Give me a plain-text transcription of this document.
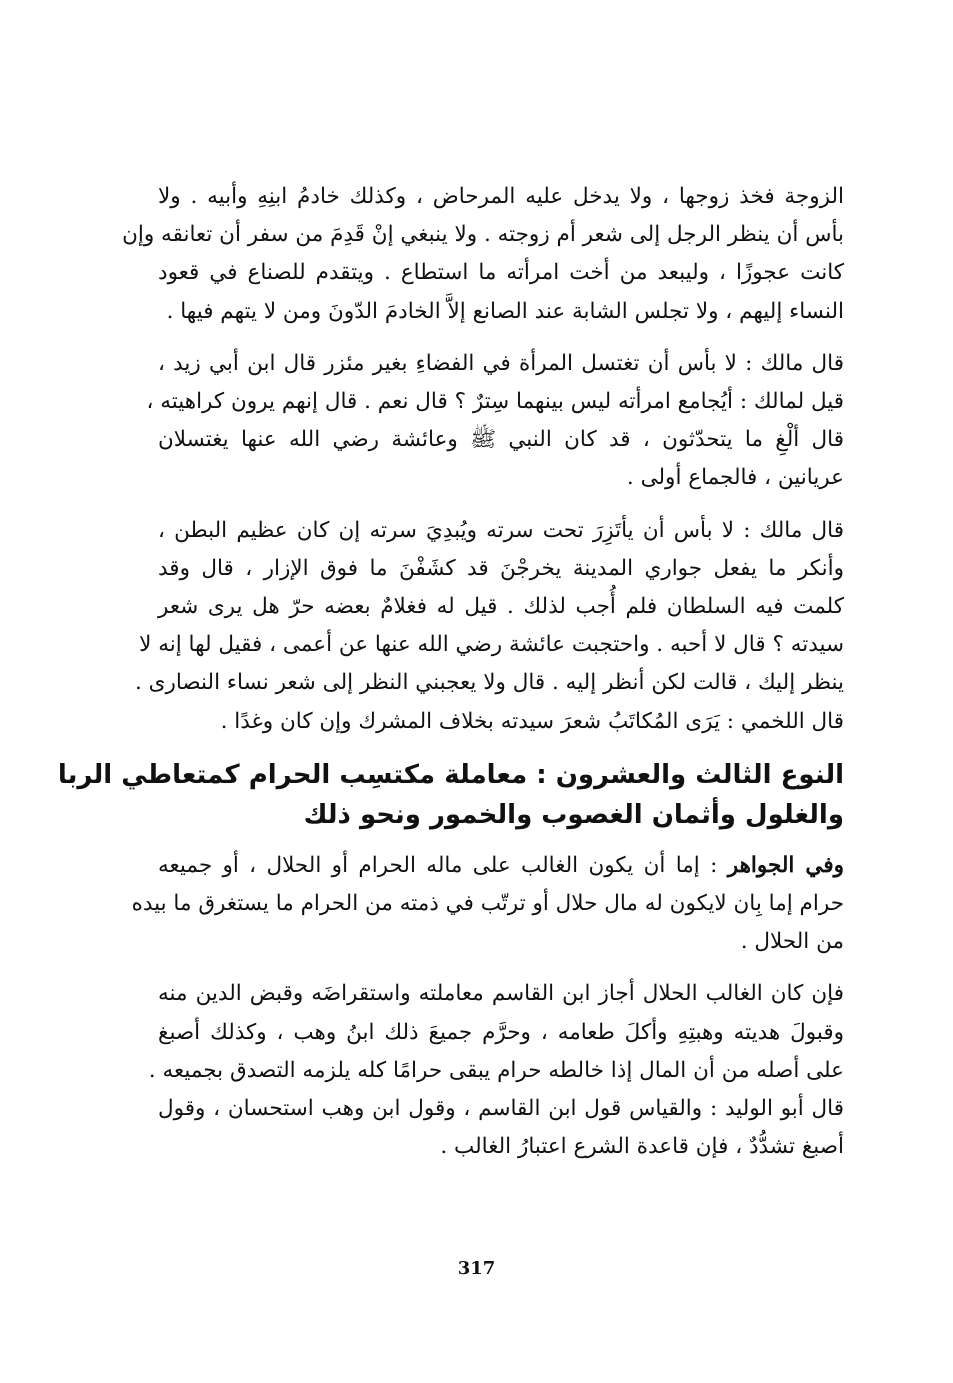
الزوجة فخذ زوجها ، ولا يدخل عليه المرحاض ، وكذلك خادمُ ابنِهِ وأبيه . ولا
بأس أن ينظر الرجل إلى شعر أم زوجته . ولا ينبغي إنْ قَدِمَ من سفر أن تعانقه وإن
كانت عجوزًا ، وليبعد من أخت امرأته ما استطاع . ويتقدم للصناع في قعود
النساء إليهم ، ولا تجلس الشابة عند الصانع إلاَّ الخادمَ الدّونَ ومن لا يتهم فيها .

قال مالك : لا بأس أن تغتسل المرأة في الفضاءِ بغير مئزر قال ابن أبي زيد ،
قيل لمالك : أيُجامع امرأته ليس بينهما سِترٌ ؟ قال نعم . قال إنهم يرون كراهيته ،
قال ألْغِ ما يتحدّثون ، قد كان النبي ﷺ وعائشة رضي الله عنها يغتسلان
عريانين ، فالجماع أولى .

قال مالك : لا بأس أن يأتَزِرَ تحت سرته ويُبدِيَ سرته إن كان عظيم البطن ،
وأنكر ما يفعل جواري المدينة يخرجْنَ قد كشَفْنَ ما فوق الإزار ، قال وقد
كلمت فيه السلطان فلم أُجب لذلك . قيل له فغلامٌ بعضه حرّ هل يرى شعر
سيدته ؟ قال لا أحبه . واحتجبت عائشة رضي الله عنها عن أعمى ، فقيل لها إنه لا
ينظر إليك ، قالت لكن أنظر إليه . قال ولا يعجبني النظر إلى شعر نساء النصارى .
قال اللخمي : يَرَى المُكاتَبُ شعرَ سيدته بخلاف المشرك وإن كان وغدًا .

النوع الثالث والعشرون : معاملة مكتسِب الحرام كمتعاطي الربا
والغلول وأثمان الغصوب والخمور ونحو ذلك

وفي الجواهر : إما أن يكون الغالب على ماله الحرام أو الحلال ، أو جميعه
حرام إما بِان لايكون له مال حلال أو ترتّب في ذمته من الحرام ما يستغرق ما بيده
من الحلال .

فإن كان الغالب الحلال أجاز ابن القاسم معاملته واستقراضَه وقبض الدين منه
وقبولَ هديته وهبتِهِ وأكلَ طعامه ، وحرَّم جميعَ ذلك ابنُ وهب ، وكذلك أصبغ
على أصله من أن المال إذا خالطه حرام يبقى حرامًا كله يلزمه التصدق بجميعه .
قال أبو الوليد : والقياس قول ابن القاسم ، وقول ابن وهب استحسان ، وقول
أصبغ تشدُّدٌ ، فإن قاعدة الشرع اعتبارُ الغالب .

317
